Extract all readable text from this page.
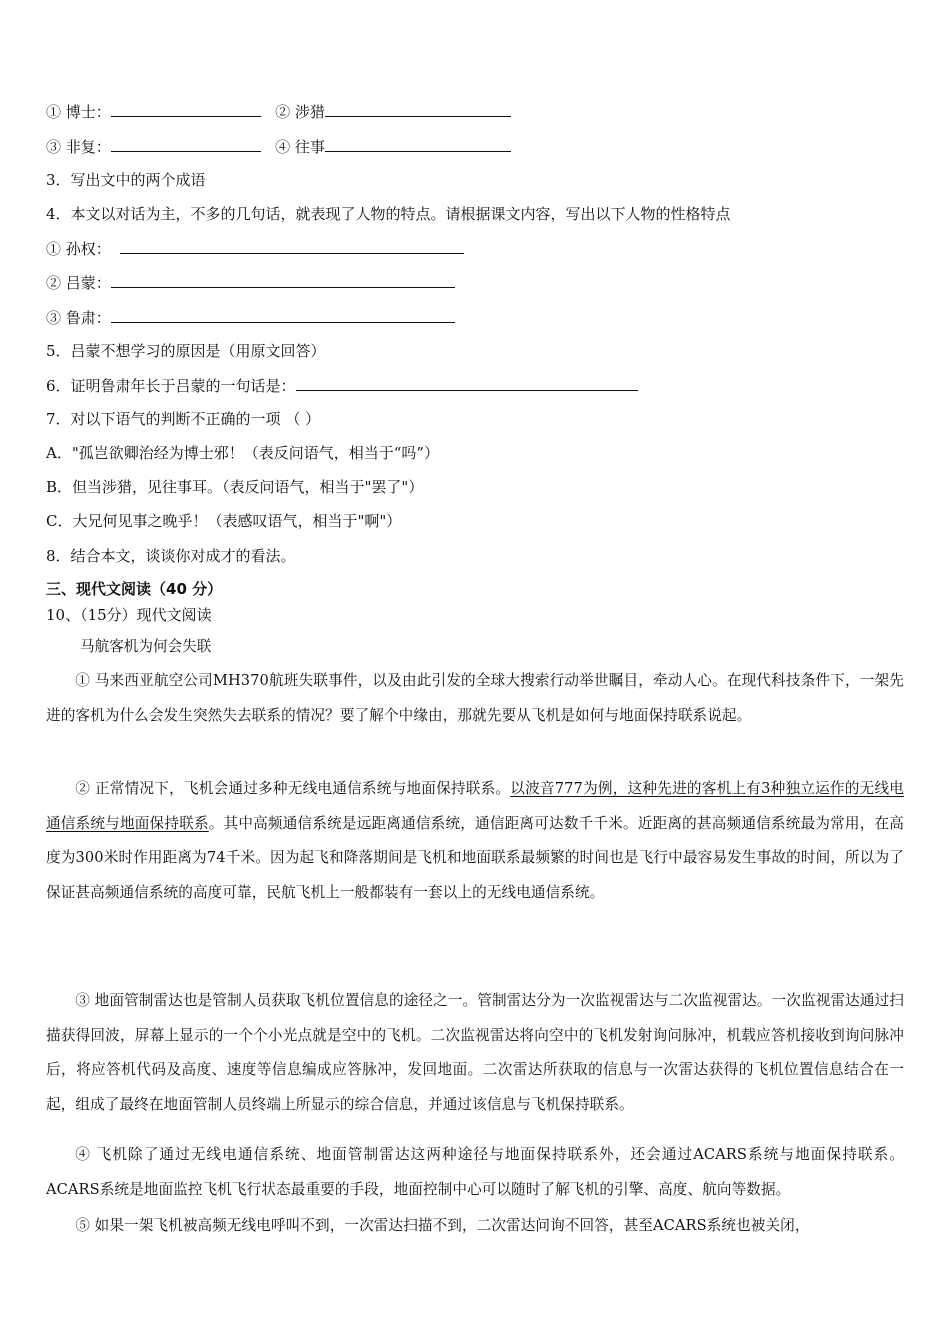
① 博士：	② 涉猎
③ 非复：	④ 往事
3．写出文中的两个成语
4．本文以对话为主，不多的几句话，就表现了人物的特点。请根据课文内容，写出以下人物的性格特点
① 孙权：
② 吕蒙：
③ 鲁肃：
5．吕蒙不想学习的原因是（用原文回答）
6．证明鲁肃年长于吕蒙的一句话是：
7．对以下语气的判断不正确的一项 （ ）
A．"孤岂欲卿治经为博士邪！（表反问语气，相当于“吗”）
B．但当涉猎，见往事耳。（表反问语气，相当于"罢了"）
C．大兄何见事之晚乎！（表感叹语气，相当于"啊"）
8．结合本文，谈谈你对成才的看法。
三、现代文阅读（40 分）
10、（15分）现代文阅读
马航客机为何会失联
① 马来西亚航空公司MH370航班失联事件，以及由此引发的全球大搜索行动举世瞩目，牵动人心。在现代科技条件下，一架先进的客机为什么会发生突然失去联系的情况？要了解个中缘由，那就先要从飞机是如何与地面保持联系说起。
② 正常情况下，飞机会通过多种无线电通信系统与地面保持联系。以波音777为例，这种先进的客机上有3种独立运作的无线电通信系统与地面保持联系。其中高频通信系统是远距离通信系统，通信距离可达数千千米。近距离的甚高频通信系统最为常用，在高度为300米时作用距离为74千米。因为起飞和降落期间是飞机和地面联系最频繁的时间也是飞行中最容易发生事故的时间，所以为了保证甚高频通信系统的高度可靠，民航飞机上一般都装有一套以上的无线电通信系统。
③ 地面管制雷达也是管制人员获取飞机位置信息的途径之一。管制雷达分为一次监视雷达与二次监视雷达。一次监视雷达通过扫描获得回波，屏幕上显示的一个个小光点就是空中的飞机。二次监视雷达将向空中的飞机发射询问脉冲，机载应答机接收到询问脉冲后，将应答机代码及高度、速度等信息编成应答脉冲，发回地面。二次雷达所获取的信息与一次雷达获得的飞机位置信息结合在一起，组成了最终在地面管制人员终端上所显示的综合信息，并通过该信息与飞机保持联系。
④ 飞机除了通过无线电通信系统、地面管制雷达这两种途径与地面保持联系外，还会通过ACARS系统与地面保持联系。ACARS系统是地面监控飞机飞行状态最重要的手段，地面控制中心可以随时了解飞机的引擎、高度、航向等数据。
⑤ 如果一架飞机被高频无线电呼叫不到，一次雷达扫描不到，二次雷达问询不回答，甚至ACARS系统也被关闭，
